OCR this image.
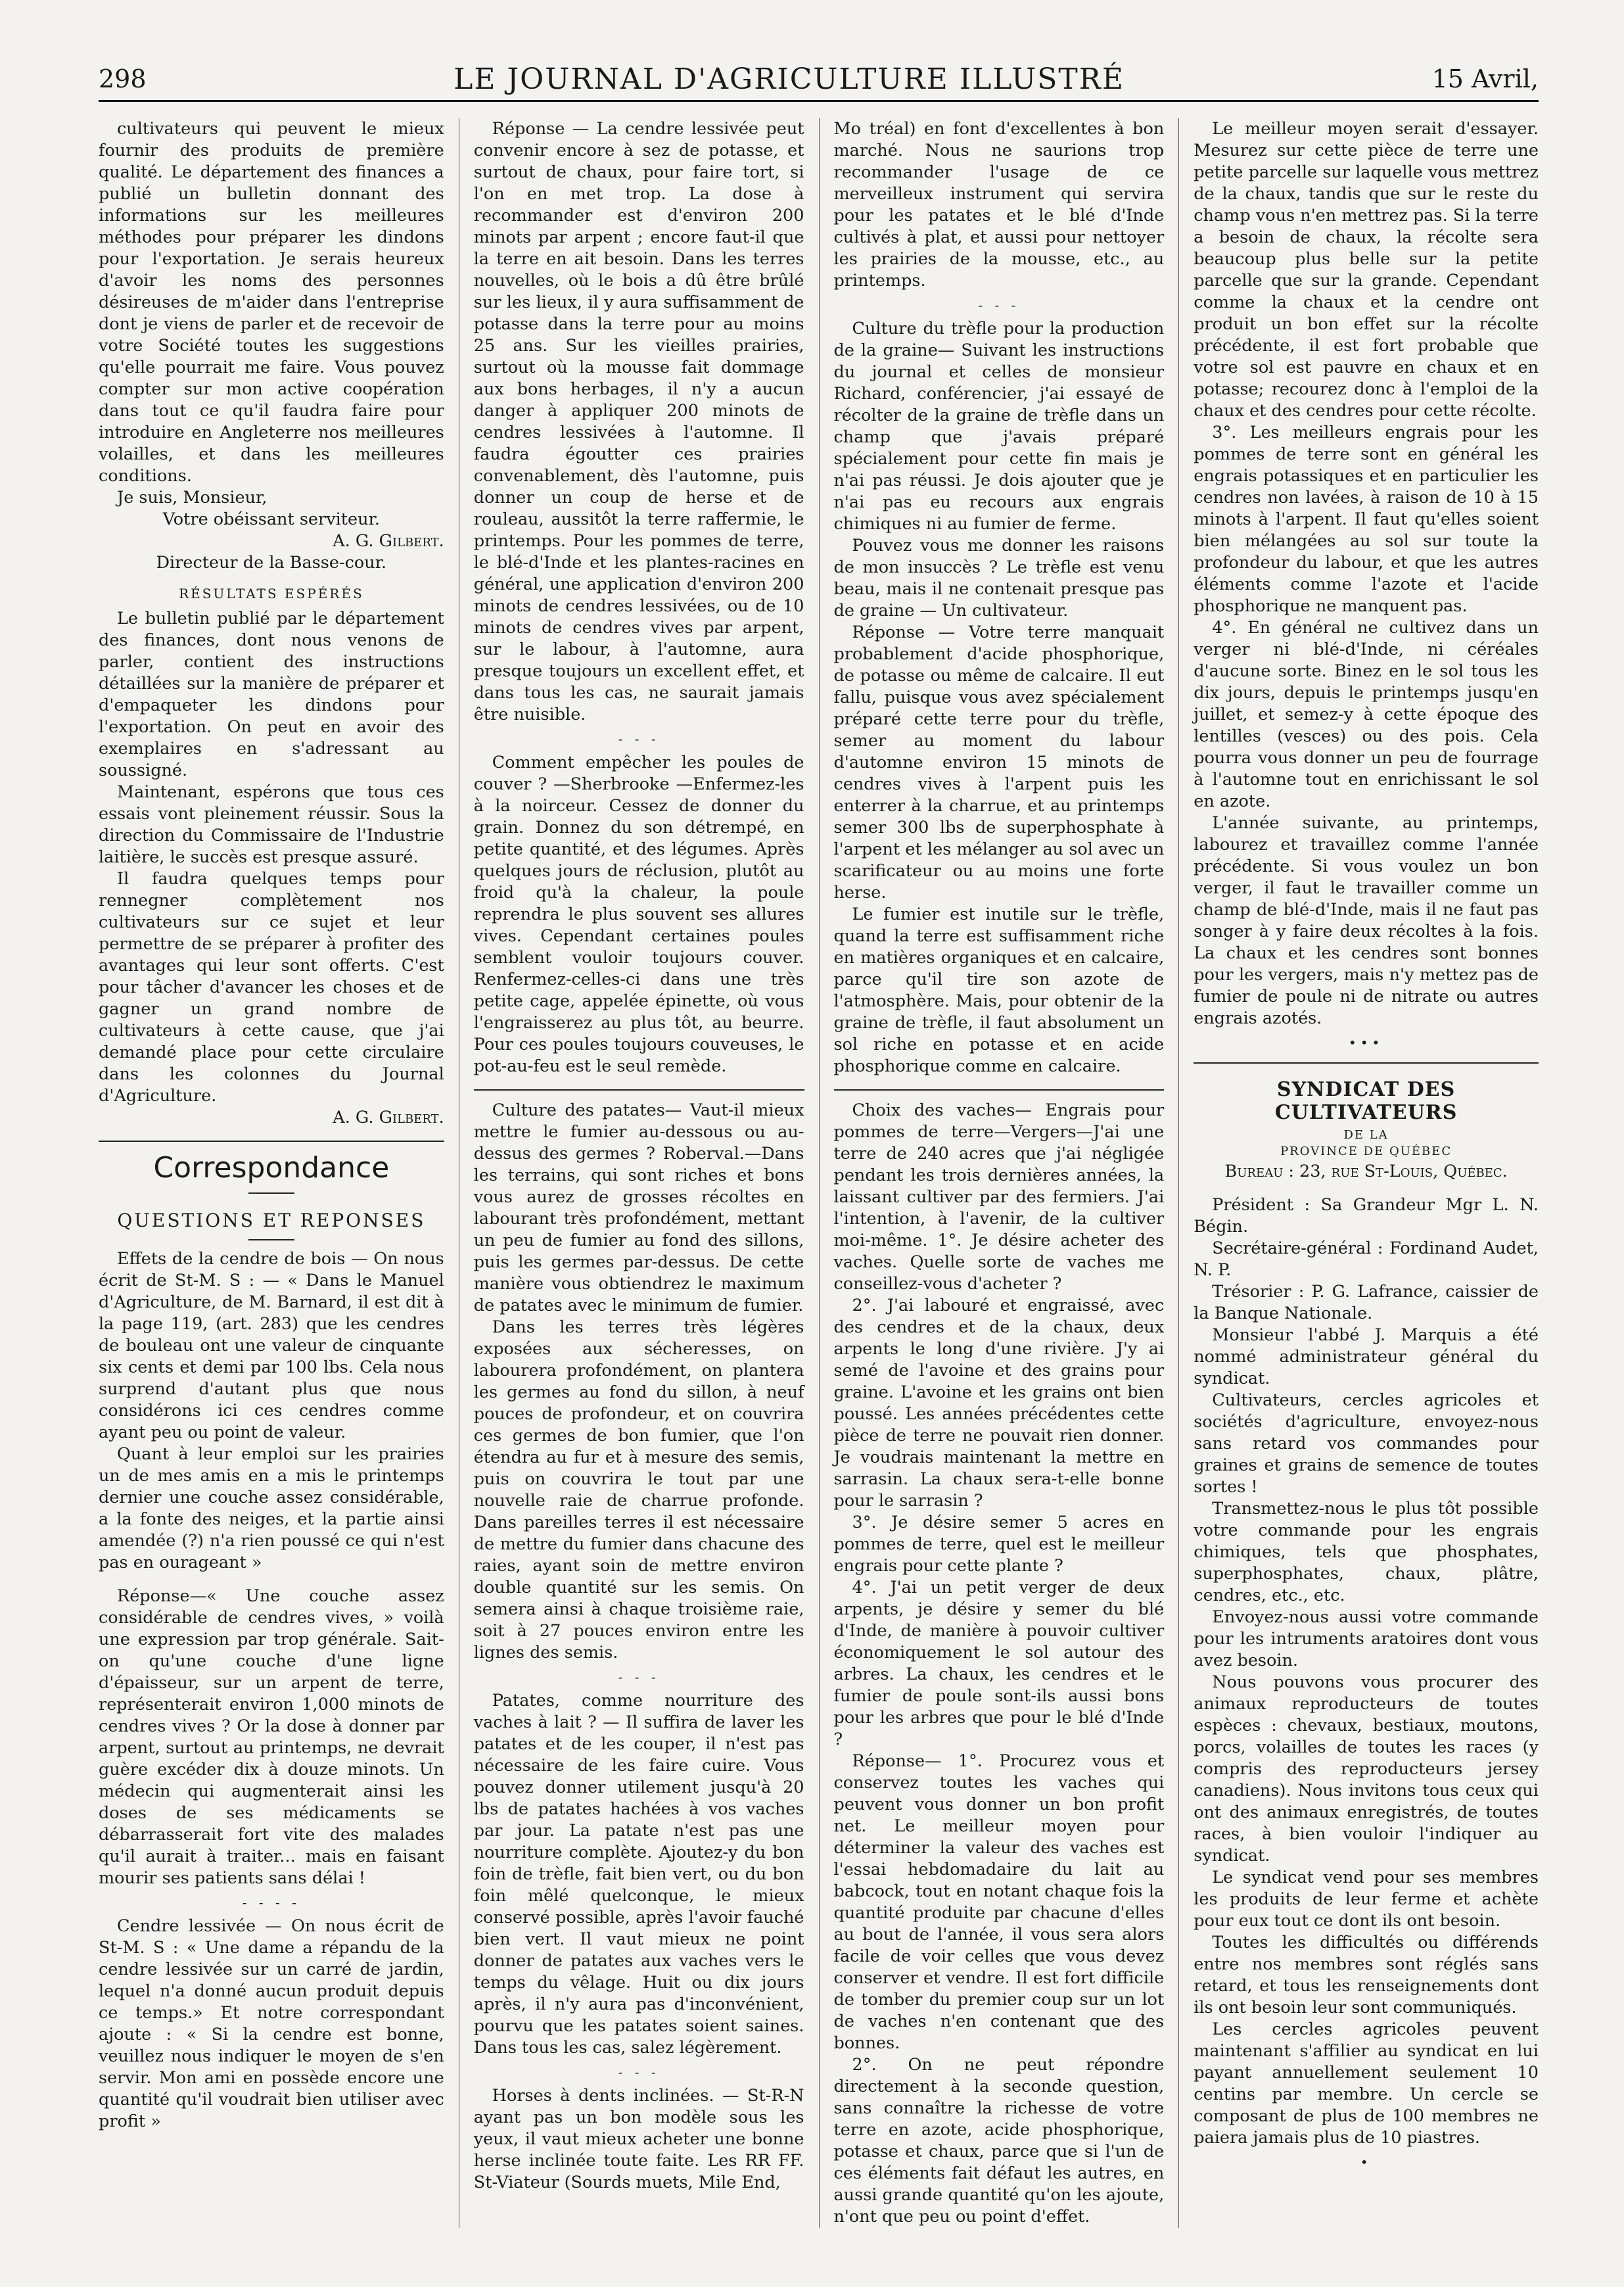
298	LE JOURNAL D'AGRICULTURE ILLUSTRÉ	15 Avril,

cultivateurs qui peuvent le mieux fournir des produits de première qualité. Le département des finances a publié un bulletin donnant des informations sur les meilleures méthodes pour préparer les dindons pour l'exportation. Je serais heureux d'avoir les noms des personnes désireuses de m'aider dans l'entreprise dont je viens de parler et de recevoir de votre Société toutes les suggestions qu'elle pourrait me faire. Vous pouvez compter sur mon active coopération dans tout ce qu'il faudra faire pour introduire en Angleterre nos meilleures volailles, et dans les meilleures conditions.

Je suis, Monsieur,

Votre obéissant serviteur.

A. G. Gilbert.

Directeur de la Basse-cour.

RÉSULTATS ESPÉRÉS

Le bulletin publié par le département des finances, dont nous venons de parler, contient des instructions détaillées sur la manière de préparer et d'empaqueter les dindons pour l'exportation. On peut en avoir des exemplaires en s'adressant au soussigné.

Maintenant, espérons que tous ces essais vont pleinement réussir. Sous la direction du Commissaire de l'Industrie laitière, le succès est presque assuré.

Il faudra quelques temps pour rennegner complètement nos cultivateurs sur ce sujet et leur permettre de se préparer à profiter des avantages qui leur sont offerts. C'est pour tâcher d'avancer les choses et de gagner un grand nombre de cultivateurs à cette cause, que j'ai demandé place pour cette circulaire dans les colonnes du Journal d'Agriculture.

A. G. Gilbert.

Correspondance
QUESTIONS ET REPONSES

Effets de la cendre de bois — On nous écrit de St-M. S : — « Dans le Manuel d'Agriculture, de M. Barnard, il est dit à la page 119, (art. 283) que les cendres de bouleau ont une valeur de cinquante six cents et demi par 100 lbs. Cela nous surprend d'autant plus que nous considérons ici ces cendres comme ayant peu ou point de valeur.

Quant à leur emploi sur les prairies un de mes amis en a mis le printemps dernier une couche assez considérable, a la fonte des neiges, et la partie ainsi amendée (?) n'a rien poussé ce qui n'est pas en ourageant »

Réponse—« Une couche assez considérable de cendres vives, » voilà une expression par trop générale. Sait-on qu'une couche d'une ligne d'épaisseur, sur un arpent de terre, représenterait environ 1,000 minots de cendres vives ? Or la dose à donner par arpent, surtout au printemps, ne devrait guère excéder dix à douze minots. Un médecin qui augmenterait ainsi les doses de ses médicaments se débarrasserait fort vite des malades qu'il aurait à traiter... mais en faisant mourir ses patients sans délai !

- - - -

Cendre lessivée — On nous écrit de St-M. S : « Une dame a répandu de la cendre lessivée sur un carré de jardin, lequel n'a donné aucun produit depuis ce temps.» Et notre correspondant ajoute : « Si la cendre est bonne, veuillez nous indiquer le moyen de s'en servir. Mon ami en possède encore une quantité qu'il voudrait bien utiliser avec profit »

Réponse — La cendre lessivée peut convenir encore à sez de potasse, et surtout de chaux, pour faire tort, si l'on en met trop. La dose à recommander est d'environ 200 minots par arpent ; encore faut-il que la terre en ait besoin. Dans les terres nouvelles, où le bois a dû être brûlé sur les lieux, il y aura suffisamment de potasse dans la terre pour au moins 25 ans. Sur les vieilles prairies, surtout où la mousse fait dommage aux bons herbages, il n'y a aucun danger à appliquer 200 minots de cendres lessivées à l'automne. Il faudra égoutter ces prairies convenablement, dès l'automne, puis donner un coup de herse et de rouleau, aussitôt la terre raffermie, le printemps. Pour les pommes de terre, le blé-d'Inde et les plantes-racines en général, une application d'environ 200 minots de cendres lessivées, ou de 10 minots de cendres vives par arpent, sur le labour, à l'automne, aura presque toujours un excellent effet, et dans tous les cas, ne saurait jamais être nuisible.

- - -

Comment empêcher les poules de couver ? —Sherbrooke —Enfermez-les à la noirceur. Cessez de donner du grain. Donnez du son détrempé, en petite quantité, et des légumes. Après quelques jours de réclusion, plutôt au froid qu'à la chaleur, la poule reprendra le plus souvent ses allures vives. Cependant certaines poules semblent vouloir toujours couver. Renfermez-celles-ci dans une très petite cage, appelée épinette, où vous l'engraisserez au plus tôt, au beurre. Pour ces poules toujours couveuses, le pot-au-feu est le seul remède.

Culture des patates— Vaut-il mieux mettre le fumier au-dessous ou au-dessus des germes ? Roberval.—Dans les terrains, qui sont riches et bons vous aurez de grosses récoltes en labourant très profondément, mettant un peu de fumier au fond des sillons, puis les germes par-dessus. De cette manière vous obtiendrez le maximum de patates avec le minimum de fumier.

Dans les terres très légères exposées aux sécheresses, on labourera profondément, on plantera les germes au fond du sillon, à neuf pouces de profondeur, et on couvrira ces germes de bon fumier, que l'on étendra au fur et à mesure des semis, puis on couvrira le tout par une nouvelle raie de charrue profonde. Dans pareilles terres il est nécessaire de mettre du fumier dans chacune des raies, ayant soin de mettre environ double quantité sur les semis. On semera ainsi à chaque troisième raie, soit à 27 pouces environ entre les lignes des semis.

- - -

Patates, comme nourriture des vaches à lait ? — Il suffira de laver les patates et de les couper, il n'est pas nécessaire de les faire cuire. Vous pouvez donner utilement jusqu'à 20 lbs de patates hachées à vos vaches par jour. La patate n'est pas une nourriture complète. Ajoutez-y du bon foin de trèfle, fait bien vert, ou du bon foin mêlé quelconque, le mieux conservé possible, après l'avoir fauché bien vert. Il vaut mieux ne point donner de patates aux vaches vers le temps du vêlage. Huit ou dix jours après, il n'y aura pas d'inconvénient, pourvu que les patates soient saines. Dans tous les cas, salez légèrement.

- - -

Horses à dents inclinées. — St-R-N ayant pas un bon modèle sous les yeux, il vaut mieux acheter une bonne herse inclinée toute faite. Les RR FF. St-Viateur (Sourds muets, Mile End,

Mo tréal) en font d'excellentes à bon marché. Nous ne saurions trop recommander l'usage de ce merveilleux instrument qui servira pour les patates et le blé d'Inde cultivés à plat, et aussi pour nettoyer les prairies de la mousse, etc., au printemps.

- - -

Culture du trèfle pour la production de la graine— Suivant les instructions du journal et celles de monsieur Richard, conférencier, j'ai essayé de récolter de la graine de trèfle dans un champ que j'avais préparé spécialement pour cette fin mais je n'ai pas réussi. Je dois ajouter que je n'ai pas eu recours aux engrais chimiques ni au fumier de ferme.

Pouvez vous me donner les raisons de mon insuccès ? Le trèfle est venu beau, mais il ne contenait presque pas de graine — Un cultivateur.

Réponse — Votre terre manquait probablement d'acide phosphorique, de potasse ou même de calcaire. Il eut fallu, puisque vous avez spécialement préparé cette terre pour du trèfle, semer au moment du labour d'automne environ 15 minots de cendres vives à l'arpent puis les enterrer à la charrue, et au printemps semer 300 lbs de superphosphate à l'arpent et les mélanger au sol avec un scarificateur ou au moins une forte herse.

Le fumier est inutile sur le trèfle, quand la terre est suffisamment riche en matières organiques et en calcaire, parce qu'il tire son azote de l'atmosphère. Mais, pour obtenir de la graine de trèfle, il faut absolument un sol riche en potasse et en acide phosphorique comme en calcaire.

Choix des vaches— Engrais pour pommes de terre—Vergers—J'ai une terre de 240 acres que j'ai négligée pendant les trois dernières années, la laissant cultiver par des fermiers. J'ai l'intention, à l'avenir, de la cultiver moi-même. 1°. Je désire acheter des vaches. Quelle sorte de vaches me conseillez-vous d'acheter ?

2°. J'ai labouré et engraissé, avec des cendres et de la chaux, deux arpents le long d'une rivière. J'y ai semé de l'avoine et des grains pour graine. L'avoine et les grains ont bien poussé. Les années précédentes cette pièce de terre ne pouvait rien donner. Je voudrais maintenant la mettre en sarrasin. La chaux sera-t-elle bonne pour le sarrasin ?

3°. Je désire semer 5 acres en pommes de terre, quel est le meilleur engrais pour cette plante ?

4°. J'ai un petit verger de deux arpents, je désire y semer du blé d'Inde, de manière à pouvoir cultiver économiquement le sol autour des arbres. La chaux, les cendres et le fumier de poule sont-ils aussi bons pour les arbres que pour le blé d'Inde ?

Réponse— 1°. Procurez vous et conservez toutes les vaches qui peuvent vous donner un bon profit net. Le meilleur moyen pour déterminer la valeur des vaches est l'essai hebdomadaire du lait au babcock, tout en notant chaque fois la quantité produite par chacune d'elles au bout de l'année, il vous sera alors facile de voir celles que vous devez conserver et vendre. Il est fort difficile de tomber du premier coup sur un lot de vaches n'en contenant que des bonnes.

2°. On ne peut répondre directement à la seconde question, sans connaître la richesse de votre terre en azote, acide phosphorique, potasse et chaux, parce que si l'un de ces éléments fait défaut les autres, en aussi grande quantité qu'on les ajoute, n'ont que peu ou point d'effet.

Le meilleur moyen serait d'essayer. Mesurez sur cette pièce de terre une petite parcelle sur laquelle vous mettrez de la chaux, tandis que sur le reste du champ vous n'en mettrez pas. Si la terre a besoin de chaux, la récolte sera beaucoup plus belle sur la petite parcelle que sur la grande. Cependant comme la chaux et la cendre ont produit un bon effet sur la récolte précédente, il est fort probable que votre sol est pauvre en chaux et en potasse; recourez donc à l'emploi de la chaux et des cendres pour cette récolte.

3°. Les meilleurs engrais pour les pommes de terre sont en général les engrais potassiques et en particulier les cendres non lavées, à raison de 10 à 15 minots à l'arpent. Il faut qu'elles soient bien mélangées au sol sur toute la profondeur du labour, et que les autres éléments comme l'azote et l'acide phosphorique ne manquent pas.

4°. En général ne cultivez dans un verger ni blé-d'Inde, ni céréales d'aucune sorte. Binez en le sol tous les dix jours, depuis le printemps jusqu'en juillet, et semez-y à cette époque des lentilles (vesces) ou des pois. Cela pourra vous donner un peu de fourrage à l'automne tout en enrichissant le sol en azote.

L'année suivante, au printemps, labourez et travaillez comme l'année précédente. Si vous voulez un bon verger, il faut le travailler comme un champ de blé-d'Inde, mais il ne faut pas songer à y faire deux récoltes à la fois. La chaux et les cendres sont bonnes pour les vergers, mais n'y mettez pas de fumier de poule ni de nitrate ou autres engrais azotés.

•••
SYNDICAT DES CULTIVATEURS
DE LA
PROVINCE DE QUÉBEC

Bureau : 23, rue St-Louis, Québec.

Président : Sa Grandeur Mgr L. N. Bégin.

Secrétaire-général : Fordinand Audet, N. P.

Trésorier : P. G. Lafrance, caissier de la Banque Nationale.

Monsieur l'abbé J. Marquis a été nommé administrateur général du syndicat.

Cultivateurs, cercles agricoles et sociétés d'agriculture, envoyez-nous sans retard vos commandes pour graines et grains de semence de toutes sortes !

Transmettez-nous le plus tôt possible votre commande pour les engrais chimiques, tels que phosphates, superphosphates, chaux, plâtre, cendres, etc., etc.

Envoyez-nous aussi votre commande pour les intruments aratoires dont vous avez besoin.

Nous pouvons vous procurer des animaux reproducteurs de toutes espèces : chevaux, bestiaux, moutons, porcs, volailles de toutes les races (y compris des reproducteurs jersey canadiens). Nous invitons tous ceux qui ont des animaux enregistrés, de toutes races, à bien vouloir l'indiquer au syndicat.

Le syndicat vend pour ses membres les produits de leur ferme et achète pour eux tout ce dont ils ont besoin.

Toutes les difficultés ou différends entre nos membres sont réglés sans retard, et tous les renseignements dont ils ont besoin leur sont communiqués.

Les cercles agricoles peuvent maintenant s'affilier au syndicat en lui payant annuellement seulement 10 centins par membre. Un cercle se composant de plus de 100 membres ne paiera jamais plus de 10 piastres.

•
